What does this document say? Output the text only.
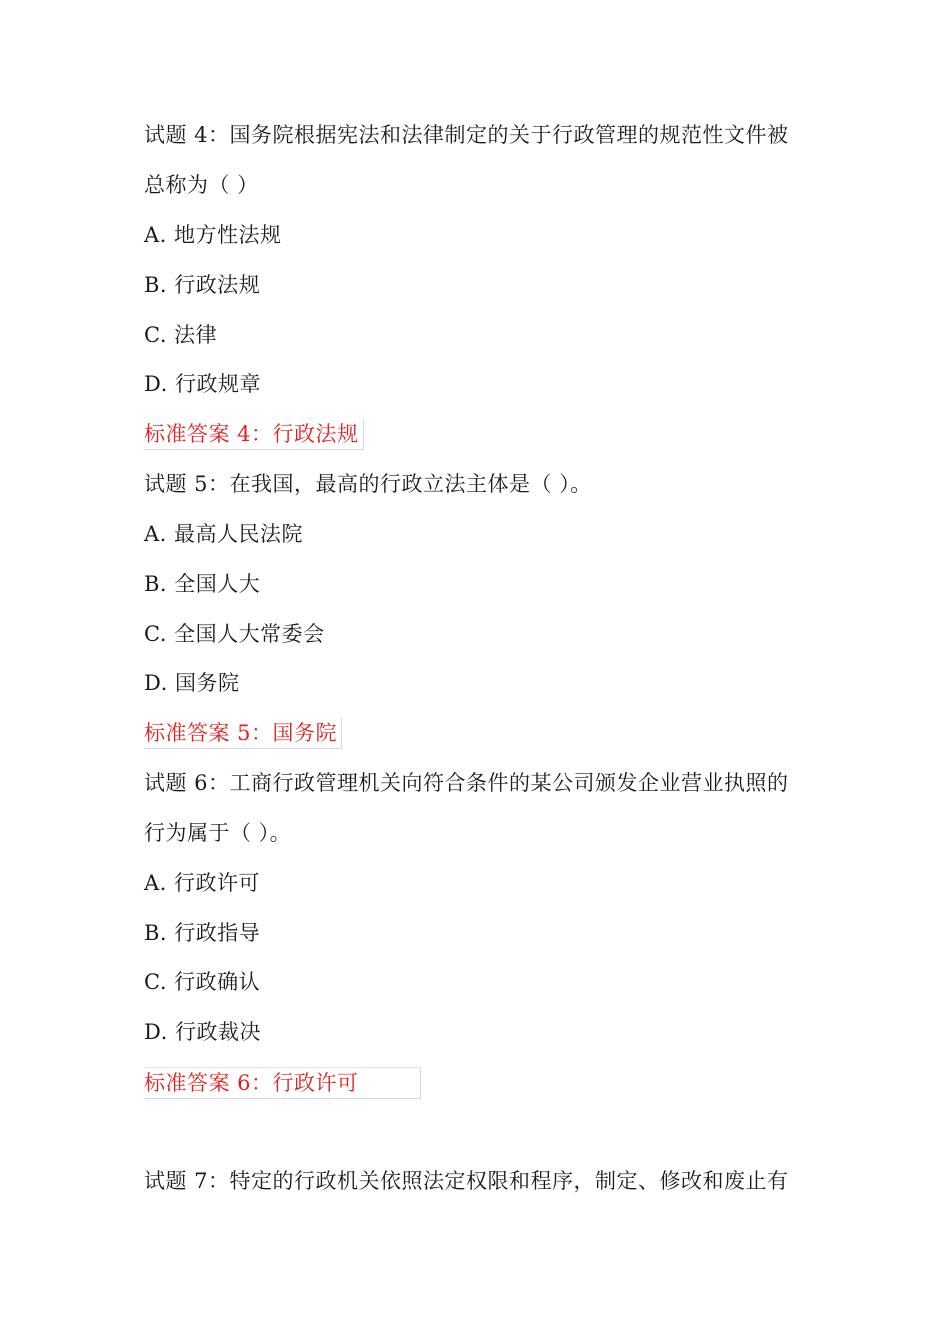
试题 4：国务院根据宪法和法律制定的关于行政管理的规范性文件被
总称为（ ）
A. 地方性法规
B. 行政法规
C. 法律
D. 行政规章
标准答案 4：行政法规
试题 5：在我国，最高的行政立法主体是（ ）。
A. 最高人民法院
B. 全国人大
C. 全国人大常委会
D. 国务院
标准答案 5：国务院
试题 6：工商行政管理机关向符合条件的某公司颁发企业营业执照的
行为属于（ ）。
A. 行政许可
B. 行政指导
C. 行政确认
D. 行政裁决
标准答案 6：行政许可
试题 7：特定的行政机关依照法定权限和程序，制定、修改和废止有
